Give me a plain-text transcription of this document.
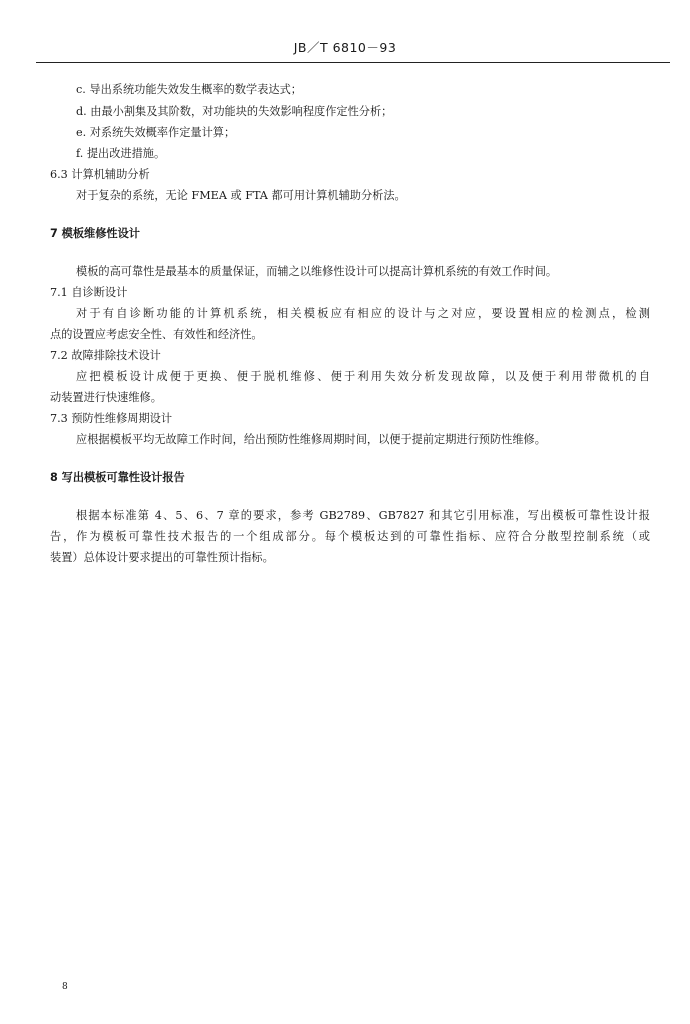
JB／T 6810－93
c. 导出系统功能失效发生概率的数学表达式；
d. 由最小割集及其阶数，对功能块的失效影响程度作定性分析；
e. 对系统失效概率作定量计算；
f. 提出改进措施。
6.3 计算机辅助分析
对于复杂的系统，无论 FMEA 或 FTA 都可用计算机辅助分析法。
7 模板维修性设计
模板的高可靠性是最基本的质量保证，而辅之以维修性设计可以提高计算机系统的有效工作时间。
7.1 自诊断设计
对于有自诊断功能的计算机系统，相关模板应有相应的设计与之对应，要设置相应的检测点，检测
点的设置应考虑安全性、有效性和经济性。
7.2 故障排除技术设计
应把模板设计成便于更换、便于脱机维修、便于利用失效分析发现故障，以及便于利用带微机的自
动装置进行快速维修。
7.3 预防性维修周期设计
应根据模板平均无故障工作时间，给出预防性维修周期时间，以便于提前定期进行预防性维修。
8 写出模板可靠性设计报告
根据本标准第 4、5、6、7 章的要求，参考 GB2789、GB7827 和其它引用标准，写出模板可靠性设计报
告，作为模板可靠性技术报告的一个组成部分。每个模板达到的可靠性指标、应符合分散型控制系统（或
装置）总体设计要求提出的可靠性预计指标。
8
